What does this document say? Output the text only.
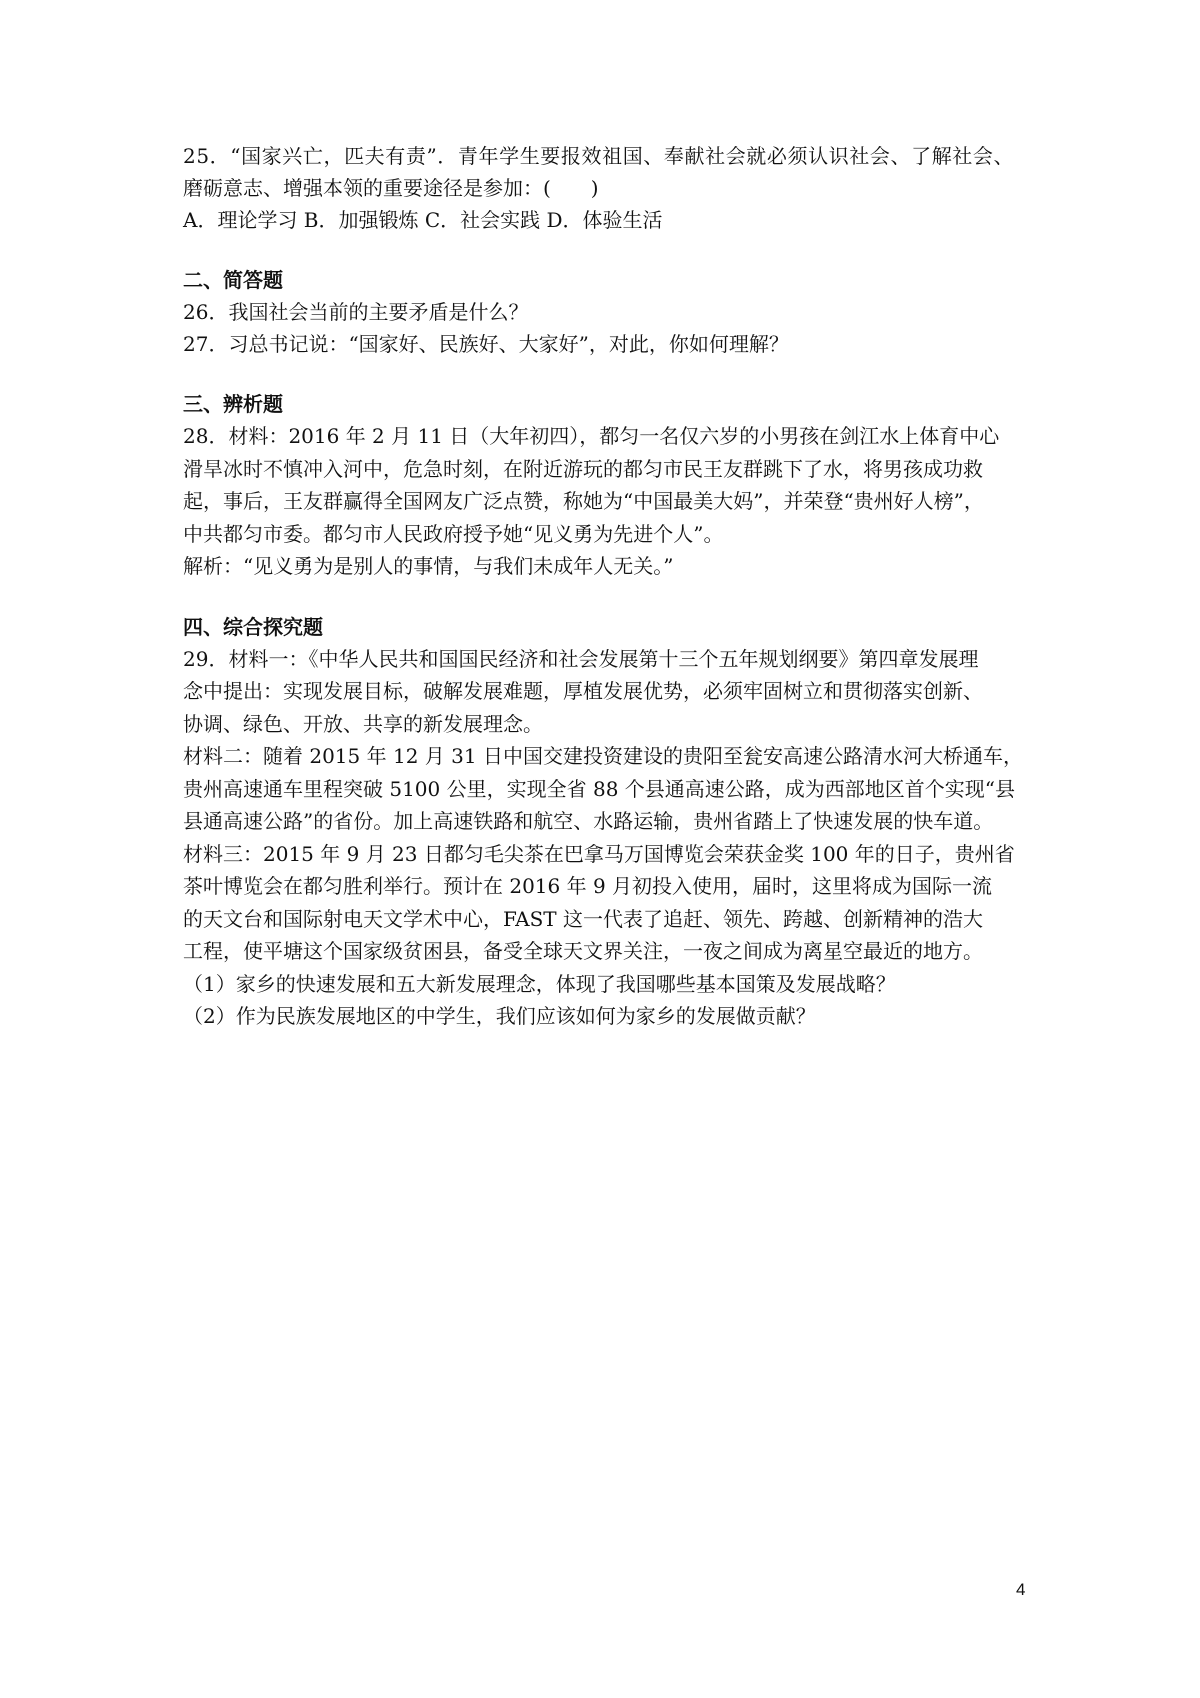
25．“国家兴亡，匹夫有责”．青年学生要报效祖国、奉献社会就必须认识社会、了解社会、
磨砺意志、增强本领的重要途径是参加：(　　)
A．理论学习 B．加强锻炼 C．社会实践 D．体验生活
二、简答题
26．我国社会当前的主要矛盾是什么？
27．习总书记说：“国家好、民族好、大家好”，对此，你如何理解？
三、辨析题
28．材料：2016 年 2 月 11 日（大年初四），都匀一名仅六岁的小男孩在剑江水上体育中心
滑旱冰时不慎冲入河中，危急时刻，在附近游玩的都匀市民王友群跳下了水，将男孩成功救
起，事后，王友群赢得全国网友广泛点赞，称她为“中国最美大妈”，并荣登“贵州好人榜”，
中共都匀市委。都匀市人民政府授予她“见义勇为先进个人”。
解析：“见义勇为是别人的事情，与我们未成年人无关。”
四、综合探究题
29．材料一：《中华人民共和国国民经济和社会发展第十三个五年规划纲要》第四章发展理
念中提出：实现发展目标，破解发展难题，厚植发展优势，必须牢固树立和贯彻落实创新、
协调、绿色、开放、共享的新发展理念。
材料二：随着 2015 年 12 月 31 日中国交建投资建设的贵阳至瓮安高速公路清水河大桥通车，
贵州高速通车里程突破 5100 公里，实现全省 88 个县通高速公路，成为西部地区首个实现“县
县通高速公路”的省份。加上高速铁路和航空、水路运输，贵州省踏上了快速发展的快车道。
材料三：2015 年 9 月 23 日都匀毛尖茶在巴拿马万国博览会荣获金奖 100 年的日子，贵州省
茶叶博览会在都匀胜利举行。预计在 2016 年 9 月初投入使用，届时，这里将成为国际一流
的天文台和国际射电天文学术中心，FAST 这一代表了追赶、领先、跨越、创新精神的浩大
工程，使平塘这个国家级贫困县，备受全球天文界关注，一夜之间成为离星空最近的地方。
（1）家乡的快速发展和五大新发展理念，体现了我国哪些基本国策及发展战略？
（2）作为民族发展地区的中学生，我们应该如何为家乡的发展做贡献？
4
